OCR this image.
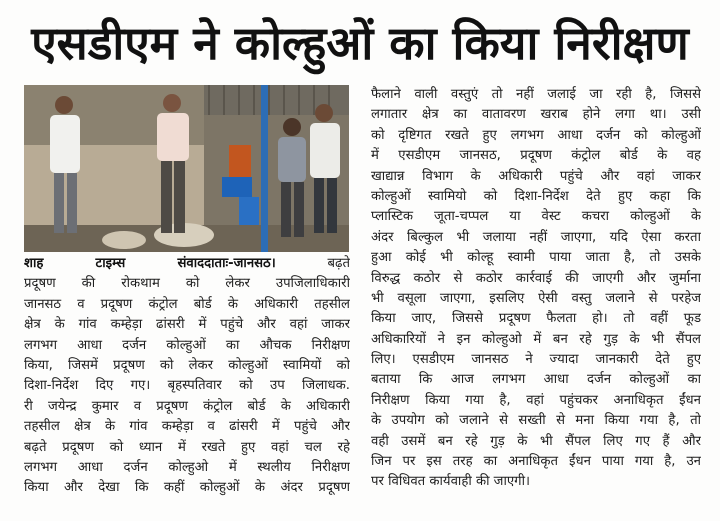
एसडीएम ने कोल्हुओं का किया निरीक्षण
शाह टाइम्स संवाददाताः-जानसठ।	बढ़ते
प्रदूषण की रोकथाम को लेकर उपजिलाधिकारी
जानसठ व प्रदूषण कंट्रोल बोर्ड के अधिकारी तहसील
क्षेत्र के गांव कम्हेड़ा ढांसरी में पहुंचे और वहां जाकर
लगभग आधा दर्जन कोल्हुओं का औचक निरीक्षण
किया, जिसमें प्रदूषण को लेकर कोल्हुओं स्वामियों को
दिशा-निर्देश दिए गए। बृहस्पतिवार को उप जिलाधक.
री जयेन्द्र कुमार व प्रदूषण कंट्रोल बोर्ड के अधिकारी
तहसील क्षेत्र के गांव कम्हेड़ा व ढांसरी में पहुंचे और
बढ़ते प्रदूषण को ध्यान में रखते हुए वहां चल रहे
लगभग आधा दर्जन कोल्हुओ में स्थलीय निरीक्षण
किया और देखा कि कहीं कोल्हुओं के अंदर प्रदूषण
फैलाने वाली वस्तुएं तो नहीं जलाई जा रही है, जिससे
लगातार क्षेत्र का वातावरण खराब होने लगा था। उसी
को दृष्टिगत रखते हुए लगभग आधा दर्जन को कोल्हुओं
में एसडीएम जानसठ, प्रदूषण कंट्रोल बोर्ड के वह
खाद्यान्न विभाग के अधिकारी पहुंचे और वहां जाकर
कोल्हुओं स्वामियो को दिशा-निर्देश देते हुए कहा कि
प्लास्टिक जूता-चप्पल या वेस्ट कचरा कोल्हुओं के
अंदर बिल्कुल भी जलाया नहीं जाएगा, यदि ऐसा करता
हुआ कोई भी कोल्हू स्वामी पाया जाता है, तो उसके
विरुद्ध कठोर से कठोर कार्रवाई की जाएगी और जुर्माना
भी वसूला जाएगा, इसलिए ऐसी वस्तु जलाने से परहेज
किया जाए, जिससे प्रदूषण फैलता हो। तो वहीं फूड
अधिकारियों ने इन कोल्हुओ में बन रहे गुड़ के भी सैंपल
लिए। एसडीएम जानसठ ने ज्यादा जानकारी देते हुए
बताया कि आज लगभग आधा दर्जन कोल्हुओं का
निरीक्षण किया गया है, वहां पहुंचकर अनाधिकृत ईंधन
के उपयोग को जलाने से सख्ती से मना किया गया है, तो
वही उसमें बन रहे गुड़ के भी सैंपल लिए गए हैं और
जिन पर इस तरह का अनाधिकृत ईंधन पाया गया है, उन
पर विधिवत कार्यवाही की जाएगी।
